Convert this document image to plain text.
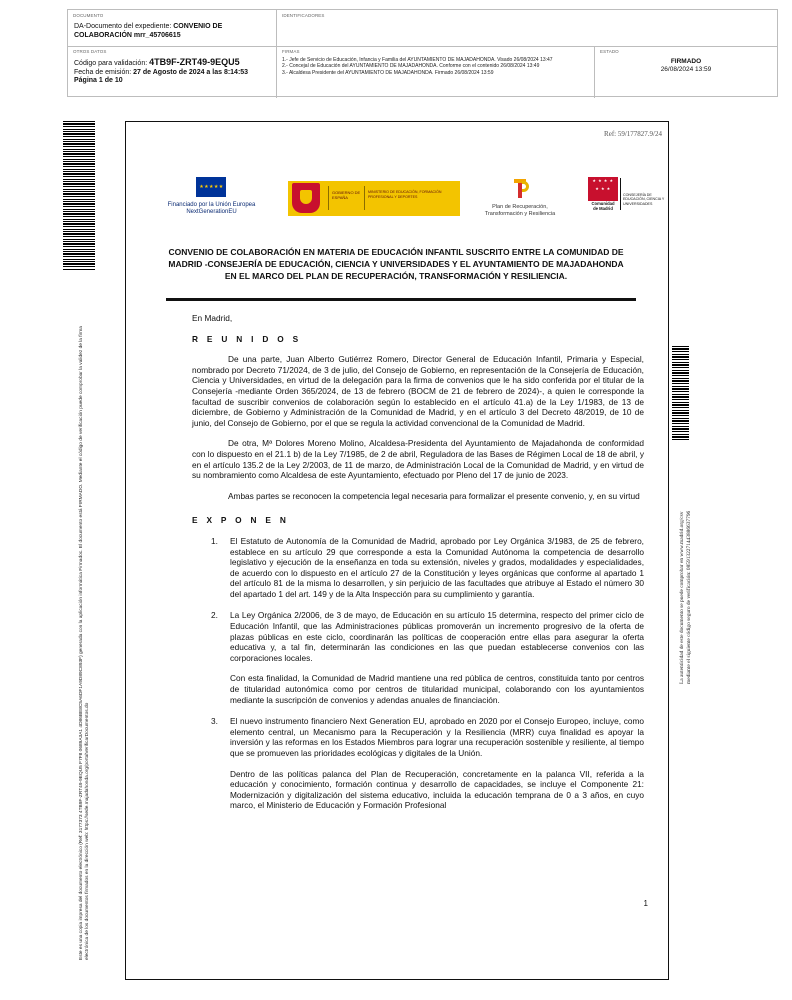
DOCUMENTO
DA-Documento del expediente: CONVENIO DE COLABORACIÓN mrr_45706615
IDENTIFICADORES
OTROS DATOS
Código para validación: 4TB9F-ZRT49-9EQU5
Fecha de emisión: 27 de Agosto de 2024 a las 8:14:53
Página 1 de 10
FIRMAS
1.- Jefe de Servicio de Educación, Infancia y Familia del AYUNTAMIENTO DE MAJADAHONDA. Visado 26/08/2024 13:47
2.- Concejal de Educación del AYUNTAMIENTO DE MAJADAHONDA. Conforme con el contenido 26/08/2024 13:49
3.- Alcaldesa Presidente del AYUNTAMIENTO DE MAJADAHONDA. Firmado 26/08/2024 13:59
ESTADO
FIRMADO
26/08/2024 13:59
Este es una copia impresa del documento electrónico (Ref: 3177373 4TB9F-ZRT49-9EQU5 F7F8 0689A3A1 4D86BE8C5A6DF1A9D89C893F) generada con la aplicación informática Firmadoc. El documento está FIRMADO. Mediante el código de verificación puede comprobar la validez de la firma electrónica de los documentos firmados en la dirección web: https://sede.majadahonda.org/portalVerificarDocumentos.do
La autenticidad de este documento se puede comprobar en www.madrid.org/csv mediante el siguiente código seguro de verificación: 0859132271443886637796
Ref: 59/177827.9/24
★ ★ ★ ★ ★
Financiado por la Unión Europea
NextGenerationEU
GOBIERNO DE ESPAÑA
MINISTERIO DE EDUCACIÓN, FORMACIÓN PROFESIONAL Y DEPORTES
Plan de Recuperación,
Transformación y Resiliencia
★ ★ ★ ★
★ ★ ★
Comunidad
de Madrid
CONSEJERÍA DE EDUCACIÓN, CIENCIA Y UNIVERSIDADES
CONVENIO DE COLABORACIÓN EN MATERIA DE EDUCACIÓN INFANTIL SUSCRITO ENTRE LA COMUNIDAD DE MADRID -CONSEJERÍA DE EDUCACIÓN, CIENCIA Y UNIVERSIDADES Y EL AYUNTAMIENTO DE MAJADAHONDA EN EL MARCO DEL PLAN DE RECUPERACIÓN, TRANSFORMACIÓN Y RESILIENCIA.

En Madrid,

R E U N I D O S

De una parte, Juan Alberto Gutiérrez Romero, Director General de Educación Infantil, Primaria y Especial, nombrado por Decreto 71/2024, de 3 de julio, del Consejo de Gobierno, en representación de la Consejería de Educación, Ciencia y Universidades, en virtud de la delegación para la firma de convenios que le ha sido conferida por el titular de la Consejería -mediante Orden 365/2024, de 13 de febrero (BOCM de 21 de febrero de 2024)-, a quien le corresponde la facultad de suscribir convenios de colaboración según lo establecido en el artículo 41.a) de la Ley 1/1983, de 13 de diciembre, de Gobierno y Administración de la Comunidad de Madrid, y en el artículo 3 del Decreto 48/2019, de 10 de junio, del Consejo de Gobierno, por el que se regula la actividad convencional de la Comunidad de Madrid.

De otra, Mª Dolores Moreno Molino, Alcaldesa-Presidenta del Ayuntamiento de Majadahonda de conformidad con lo dispuesto en el 21.1 b) de la Ley 7/1985, de 2 de abril, Reguladora de las Bases de Régimen Local de 18 de abril, y en el artículo 135.2 de la Ley 2/2003, de 11 de marzo, de Administración Local de la Comunidad de Madrid, y en virtud de su nombramiento como Alcaldesa de este Ayuntamiento, efectuado por Pleno del 17 de junio de 2023.

Ambas partes se reconocen la competencia legal necesaria para formalizar el presente convenio, y, en su virtud

E X P O N E N

1. El Estatuto de Autonomía de la Comunidad de Madrid, aprobado por Ley Orgánica 3/1983, de 25 de febrero, establece en su artículo 29 que corresponde a esta la Comunidad Autónoma la competencia de desarrollo legislativo y ejecución de la enseñanza en toda su extensión, niveles y grados, modalidades y especialidades, de acuerdo con lo dispuesto en el artículo 27 de la Constitución y leyes orgánicas que conforme al apartado 1 del artículo 81 de la misma lo desarrollen, y sin perjuicio de las facultades que atribuye al Estado el número 30 del apartado 1 del art. 149 y de la Alta Inspección para su cumplimiento y garantía.

2. La Ley Orgánica 2/2006, de 3 de mayo, de Educación en su artículo 15 determina, respecto del primer ciclo de Educación Infantil, que las Administraciones públicas promoverán un incremento progresivo de la oferta de plazas públicas en este ciclo, coordinarán las políticas de cooperación entre ellas para asegurar la oferta educativa y, a tal fin, determinarán las condiciones en las que puedan establecerse convenios con las corporaciones locales.

Con esta finalidad, la Comunidad de Madrid mantiene una red pública de centros, constituida tanto por centros de titularidad autonómica como por centros de titularidad municipal, colaborando con los ayuntamientos mediante la suscripción de convenios y adendas anuales de financiación.

3. El nuevo instrumento financiero Next Generation EU, aprobado en 2020 por el Consejo Europeo, incluye, como elemento central, un Mecanismo para la Recuperación y la Resiliencia (MRR) cuya finalidad es apoyar la inversión y las reformas en los Estados Miembros para lograr una recuperación sostenible y resiliente, al tiempo que se promueven las prioridades ecológicas y digitales de la Unión.

Dentro de las políticas palanca del Plan de Recuperación, concretamente en la palanca VII, referida a la educación y conocimiento, formación continua y desarrollo de capacidades, se incluye el Componente 21: Modernización y digitalización del sistema educativo, incluida la educación temprana de 0 a 3 años, en cuyo marco, el Ministerio de Educación y Formación Profesional

1
